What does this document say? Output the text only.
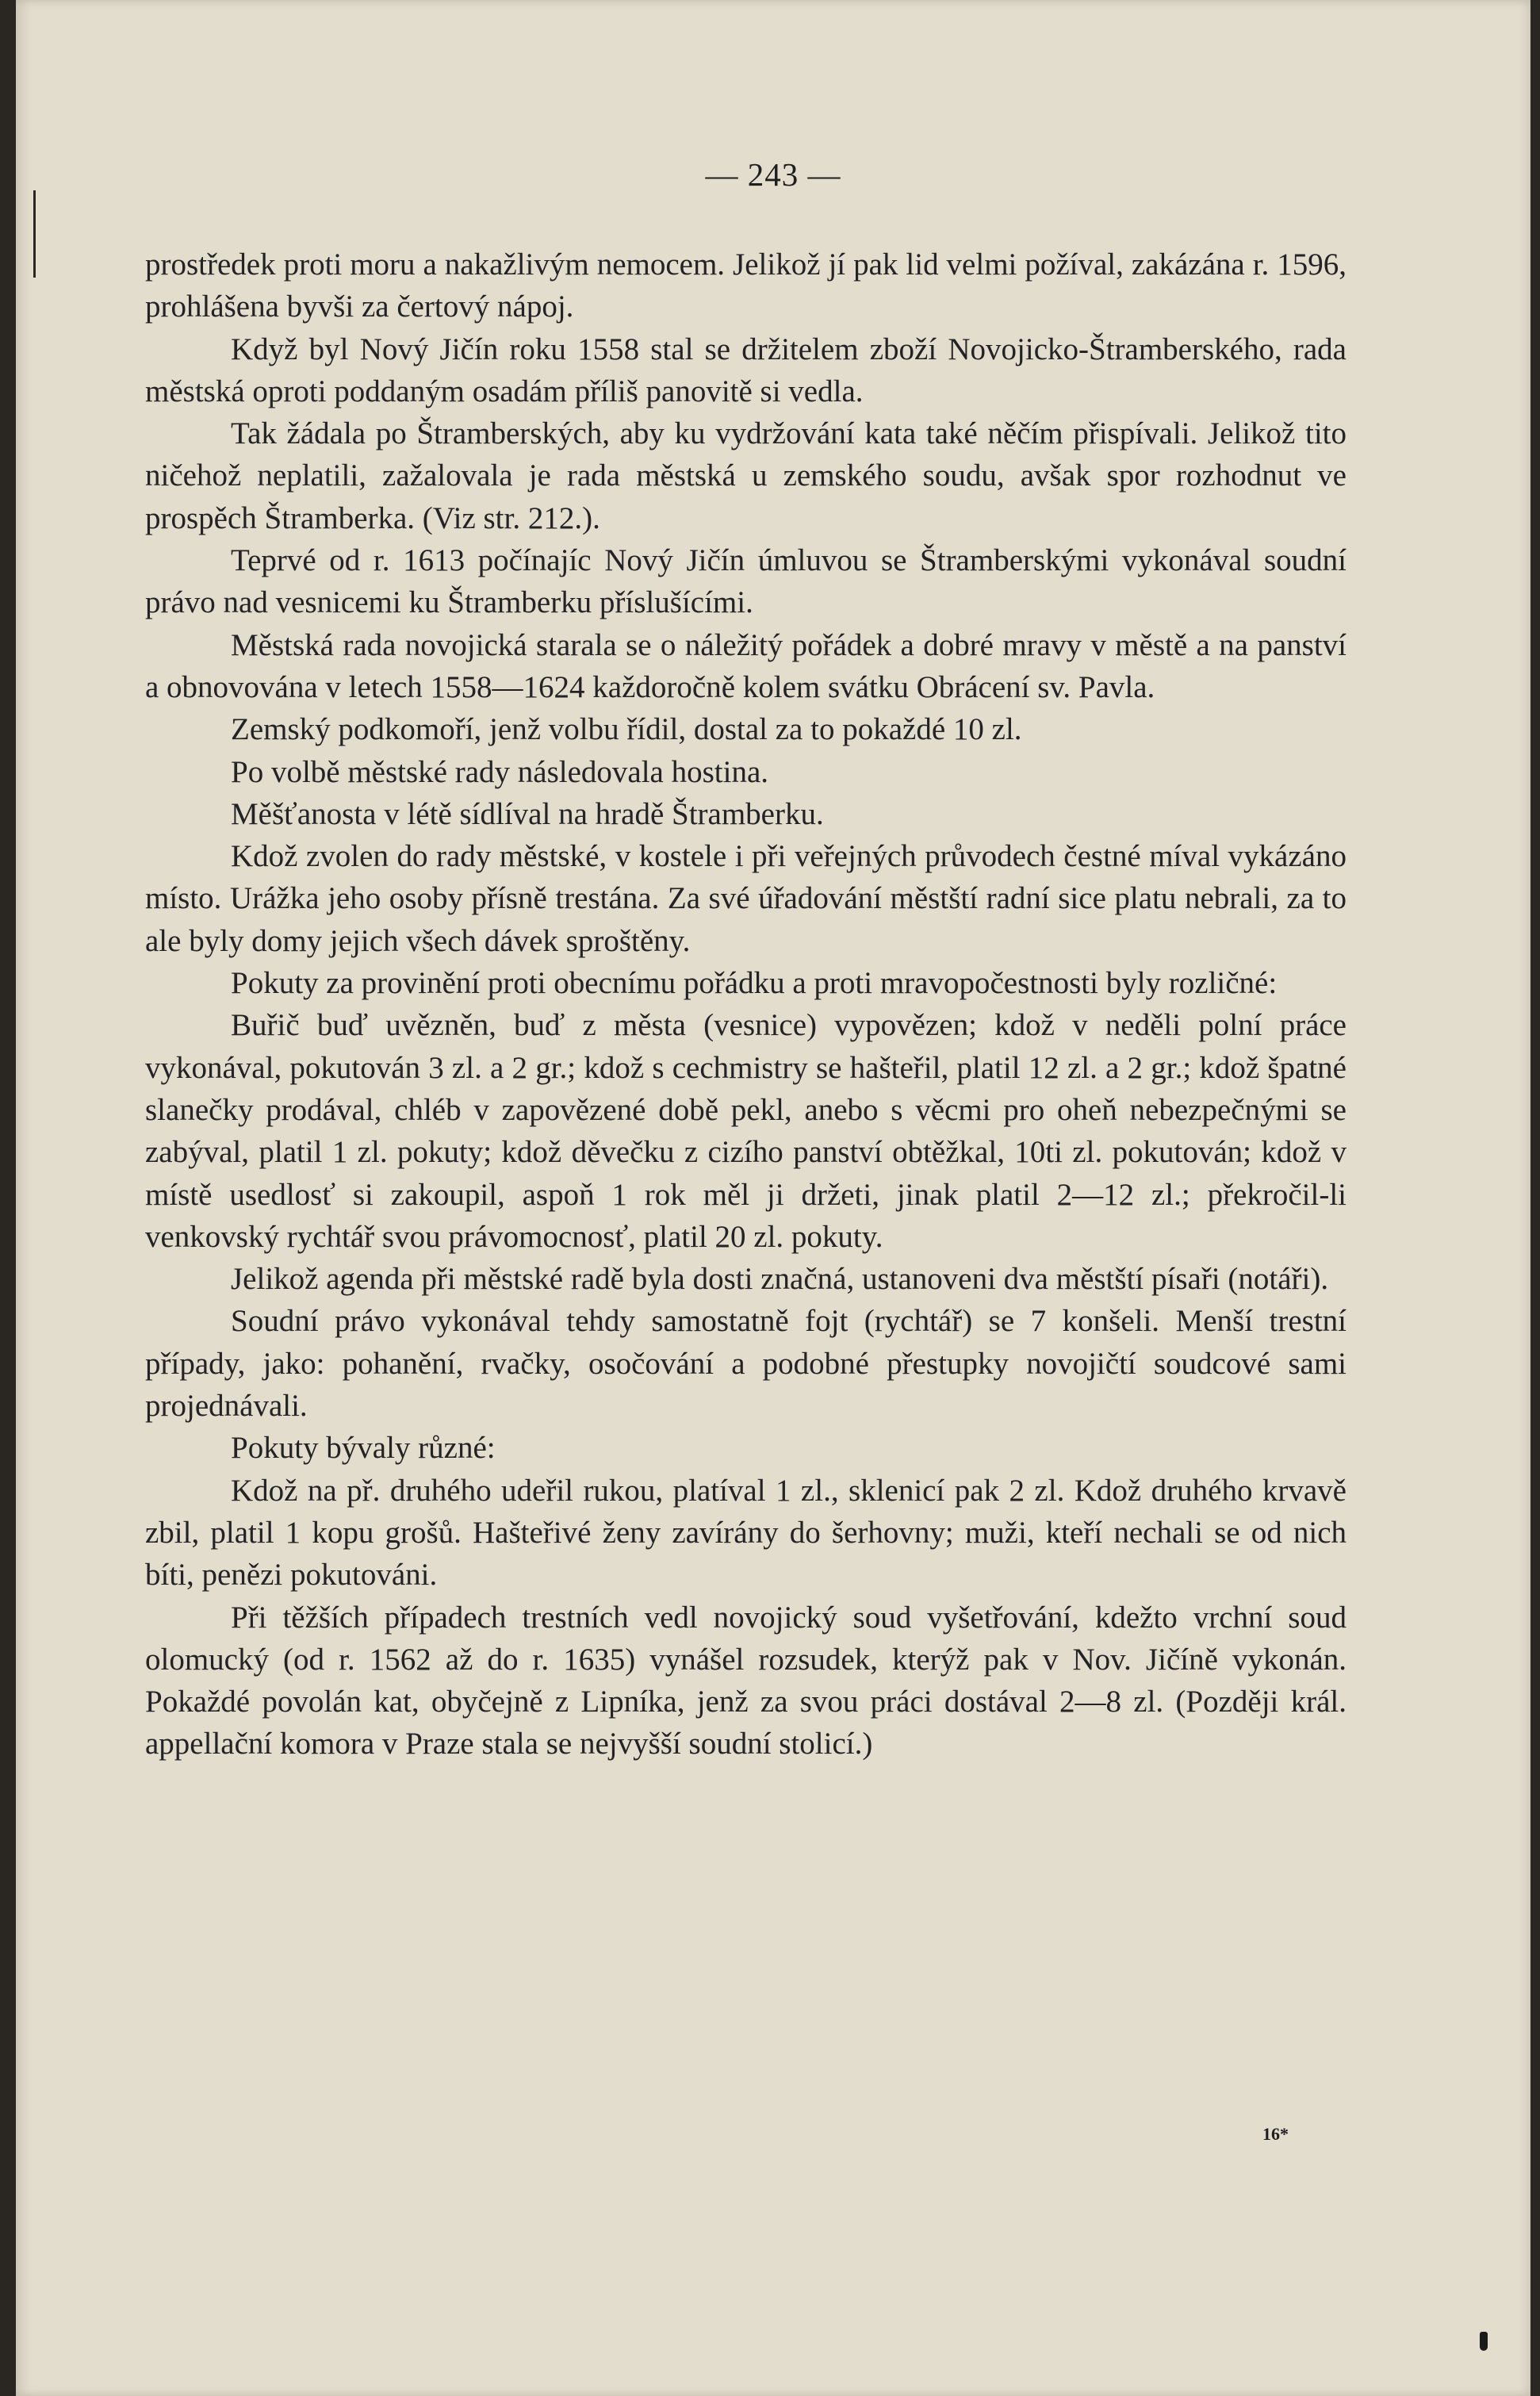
— 243 —

prostředek proti moru a nakažlivým nemocem. Jelikož jí pak lid velmi požíval, zakázána r. 1596, prohlášena byvši za čertový nápoj.

Když byl Nový Jičín roku 1558 stal se držitelem zboží Novojicko-Štramberského, rada městská oproti poddaným osadám příliš panovitě si vedla.

Tak žádala po Štramberských, aby ku vydržování kata také něčím přispívali. Jelikož tito ničehož neplatili, zažalovala je rada městská u zemského soudu, avšak spor rozhodnut ve prospěch Štramberka. (Viz str. 212.).

Teprvé od r. 1613 počínajíc Nový Jičín úmluvou se Štramberskými vykonával soudní právo nad vesnicemi ku Štramberku příslušícími.

Městská rada novojická starala se o náležitý pořádek a dobré mravy v městě a na panství a obnovována v letech 1558—1624 každoročně kolem svátku Obrácení sv. Pavla.

Zemský podkomoří, jenž volbu řídil, dostal za to pokaždé 10 zl.

Po volbě městské rady následovala hostina.

Měšťanosta v létě sídlíval na hradě Štramberku.

Kdož zvolen do rady městské, v kostele i při veřejných průvodech čestné míval vykázáno místo. Urážka jeho osoby přísně trestána. Za své úřadování městští radní sice platu nebrali, za to ale byly domy jejich všech dávek sproštěny.

Pokuty za provinění proti obecnímu pořádku a proti mravopočestnosti byly rozličné:

Buřič buď uvězněn, buď z města (vesnice) vypovězen; kdož v neděli polní práce vykonával, pokutován 3 zl. a 2 gr.; kdož s cechmistry se hašteřil, platil 12 zl. a 2 gr.; kdož špatné slanečky prodával, chléb v zapovězené době pekl, anebo s věcmi pro oheň nebezpečnými se zabýval, platil 1 zl. pokuty; kdož děvečku z cizího panství obtěžkal, 10ti zl. pokutován; kdož v místě usedlosť si zakoupil, aspoň 1 rok měl ji držeti, jinak platil 2—12 zl.; překročil-li venkovský rychtář svou právomocnosť, platil 20 zl. pokuty.

Jelikož agenda při městské radě byla dosti značná, ustanoveni dva městští písaři (notáři).

Soudní právo vykonával tehdy samostatně fojt (rychtář) se 7 konšeli. Menší trestní případy, jako: pohanění, rvačky, osočování a podobné přestupky novojičtí soudcové sami projednávali.

Pokuty bývaly různé:

Kdož na př. druhého udeřil rukou, platíval 1 zl., sklenicí pak 2 zl. Kdož druhého krvavě zbil, platil 1 kopu grošů. Hašteřivé ženy zavírány do šerhovny; muži, kteří nechali se od nich bíti, penězi pokutováni.

Při těžších případech trestních vedl novojický soud vyšetřování, kdežto vrchní soud olomucký (od r. 1562 až do r. 1635) vynášel rozsudek, kterýž pak v Nov. Jičíně vykonán. Pokaždé povolán kat, obyčejně z Lipníka, jenž za svou práci dostával 2—8 zl. (Později král. appellační komora v Praze stala se nejvyšší soudní stolicí.)

16*
